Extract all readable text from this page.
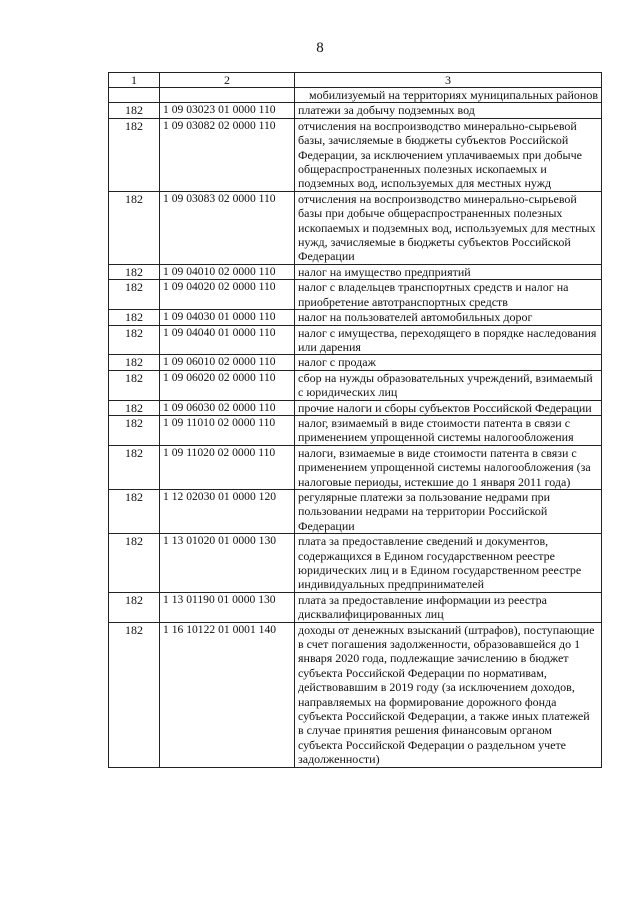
8
1	2	3
		мобилизуемый на территориях муниципальных районов
182	1 09 03023 01 0000 110	платежи за добычу подземных вод
182	1 09 03082 02 0000 110	отчисления на воспроизводство минерально-сырьевой базы, зачисляемые в бюджеты субъектов Российской Федерации, за исключением уплачиваемых при добыче общераспространенных полезных ископаемых и подземных вод, используемых для местных нужд
182	1 09 03083 02 0000 110	отчисления на воспроизводство минерально-сырьевой базы при добыче общераспространенных полезных ископаемых и подземных вод, используемых для местных нужд, зачисляемые в бюджеты субъектов Российской Федерации
182	1 09 04010 02 0000 110	налог на имущество предприятий
182	1 09 04020 02 0000 110	налог с владельцев транспортных средств и налог на приобретение автотранспортных средств
182	1 09 04030 01 0000 110	налог на пользователей автомобильных дорог
182	1 09 04040 01 0000 110	налог с имущества, переходящего в порядке наследования или дарения
182	1 09 06010 02 0000 110	налог с продаж
182	1 09 06020 02 0000 110	сбор на нужды образовательных учреждений, взимаемый с юридических лиц
182	1 09 06030 02 0000 110	прочие налоги и сборы субъектов Российской Федерации
182	1 09 11010 02 0000 110	налог, взимаемый в виде стоимости патента в связи с применением упрощенной системы налогообложения
182	1 09 11020 02 0000 110	налоги, взимаемые в виде стоимости патента в связи с применением упрощенной системы налогообложения (за налоговые периоды, истекшие до 1 января 2011 года)
182	1 12 02030 01 0000 120	регулярные платежи за пользование недрами при пользовании недрами на территории Российской Федерации
182	1 13 01020 01 0000 130	плата за предоставление сведений и документов, содержащихся в Едином государственном реестре юридических лиц и в Едином государственном реестре индивидуальных предпринимателей
182	1 13 01190 01 0000 130	плата за предоставление информации из реестра дисквалифицированных лиц
182	1 16 10122 01 0001 140	доходы от денежных взысканий (штрафов), поступающие в счет погашения задолженности, образовавшейся до 1 января 2020 года, подлежащие зачислению в бюджет субъекта Российской Федерации по нормативам, действовавшим в 2019 году (за исключением доходов, направляемых на формирование дорожного фонда субъекта Российской Федерации, а также иных платежей в случае принятия решения финансовым органом субъекта Российской Федерации о раздельном учете задолженности)
